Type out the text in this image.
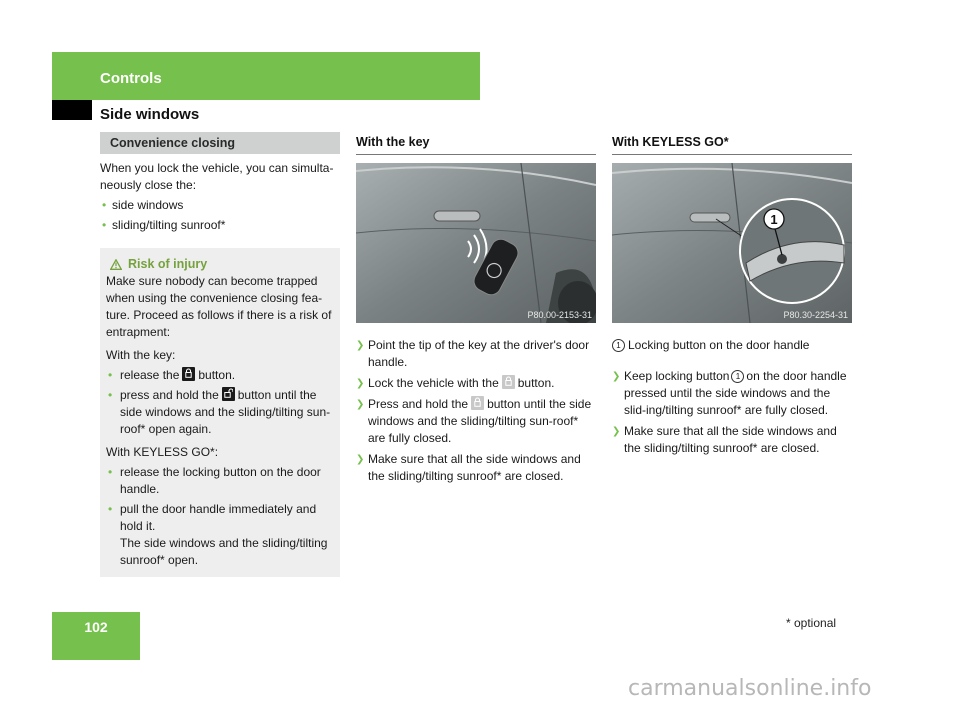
Controls
Side windows
Convenience closing

When you lock the vehicle, you can simulta-neously close the:

• side windows
• sliding/tilting sunroof*
Risk of injury

Make sure nobody can become trapped when using the convenience closing fea-ture. Proceed as follows if there is a risk of entrapment:

With the key:

• release the button.
• press and hold the button until the side windows and the sliding/tilting sun-roof* open again.

With KEYLESS GO*:

• release the locking button on the door handle.

• pull the door handle immediately and hold it.

The side windows and the sliding/tilting sunroof* open.

With the key
P80.00-2153-31
❯ Point the tip of the key at the driver's door handle.
❯ Lock the vehicle with the button.
❯ Press and hold the button until the side windows and the sliding/tilting sun-roof* are fully closed.
❯ Make sure that all the side windows and the sliding/tilting sunroof* are closed.
With KEYLESS GO*
1
P80.30-2254-31
1 Locking button on the door handle
❯ Keep locking button 1 on the door handle pressed until the side windows and the slid-ing/tilting sunroof* are fully closed.
❯ Make sure that all the side windows and the sliding/tilting sunroof* are closed.
102	* optional
carmanualsonline.info
